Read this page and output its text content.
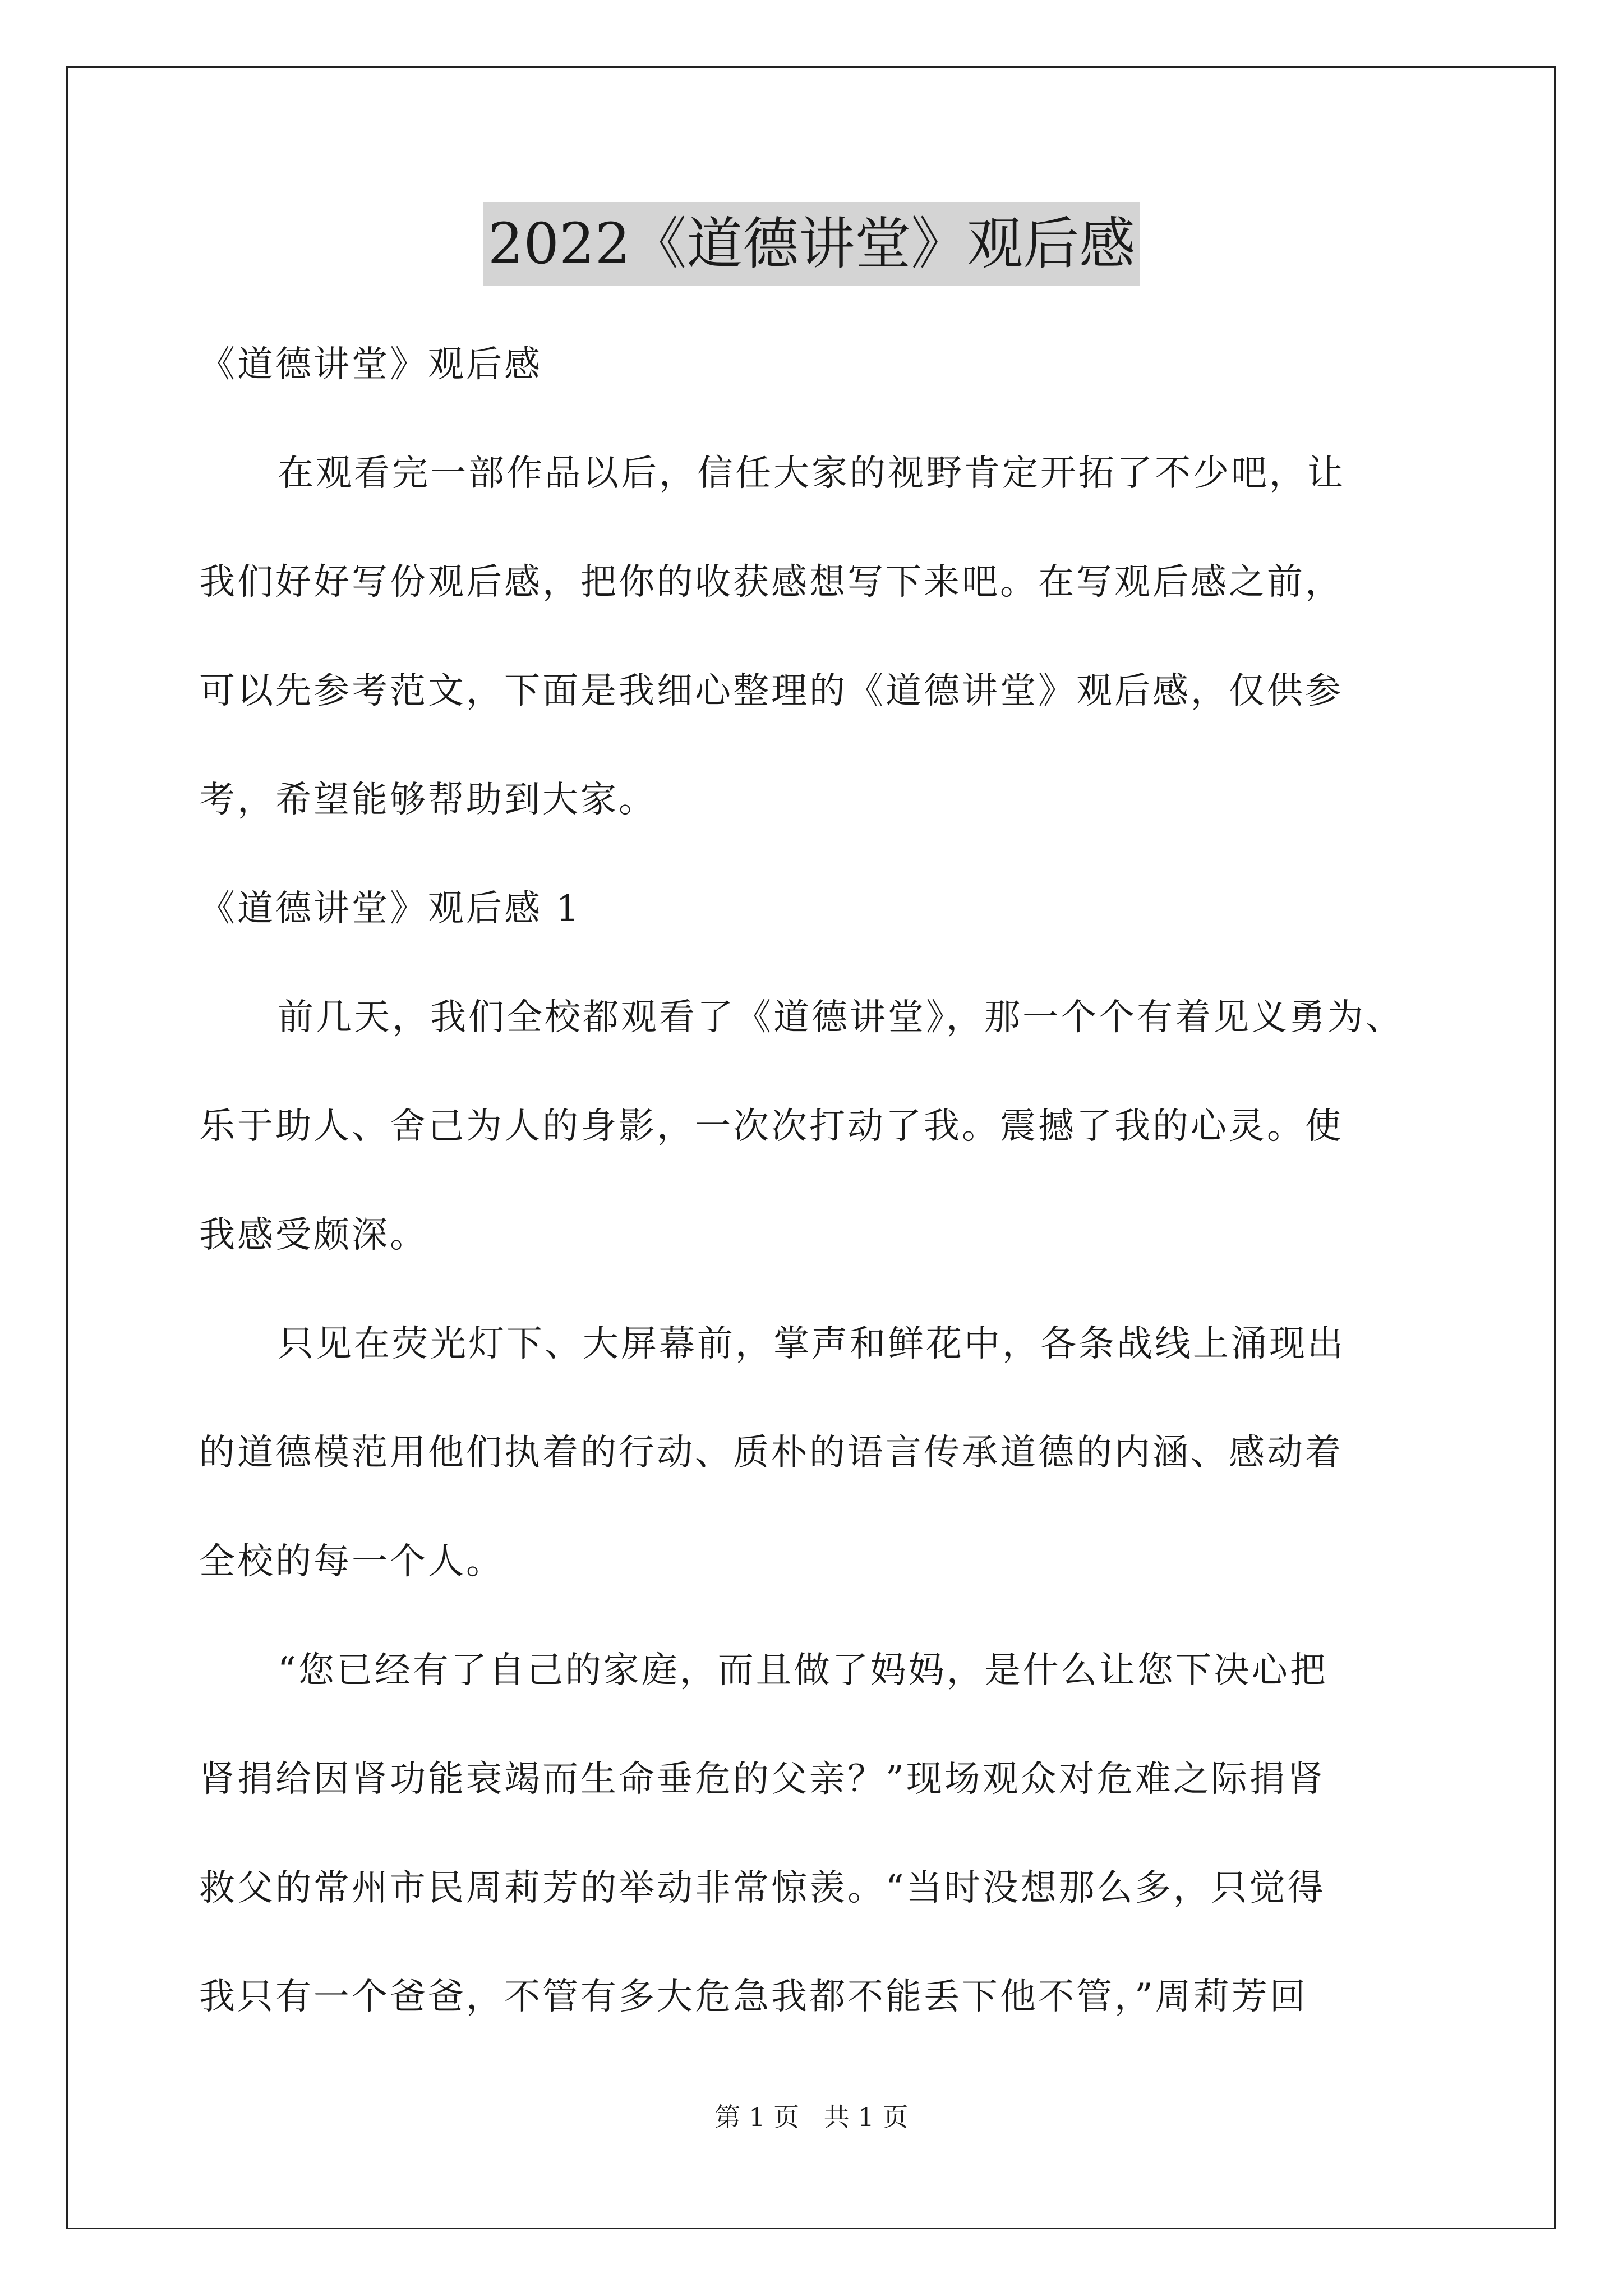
2022《道德讲堂》观后感

《道德讲堂》观后感

在观看完一部作品以后，信任大家的视野肯定开拓了不少吧，让
我们好好写份观后感，把你的收获感想写下来吧。在写观后感之前，
可以先参考范文，下面是我细心整理的《道德讲堂》观后感，仅供参
考，希望能够帮助到大家。

《道德讲堂》观后感 1

前几天，我们全校都观看了《道德讲堂》，那一个个有着见义勇为、
乐于助人、舍己为人的身影，一次次打动了我。震撼了我的心灵。使
我感受颇深。

只见在荧光灯下、大屏幕前，掌声和鲜花中，各条战线上涌现出
的道德模范用他们执着的行动、质朴的语言传承道德的内涵、感动着
全校的每一个人。

“您已经有了自己的家庭，而且做了妈妈，是什么让您下决心把
肾捐给因肾功能衰竭而生命垂危的父亲？”现场观众对危难之际捐肾
救父的常州市民周莉芳的举动非常惊羡。“当时没想那么多，只觉得
我只有一个爸爸，不管有多大危急我都不能丢下他不管，”周莉芳回

第 1 页   共 1 页
